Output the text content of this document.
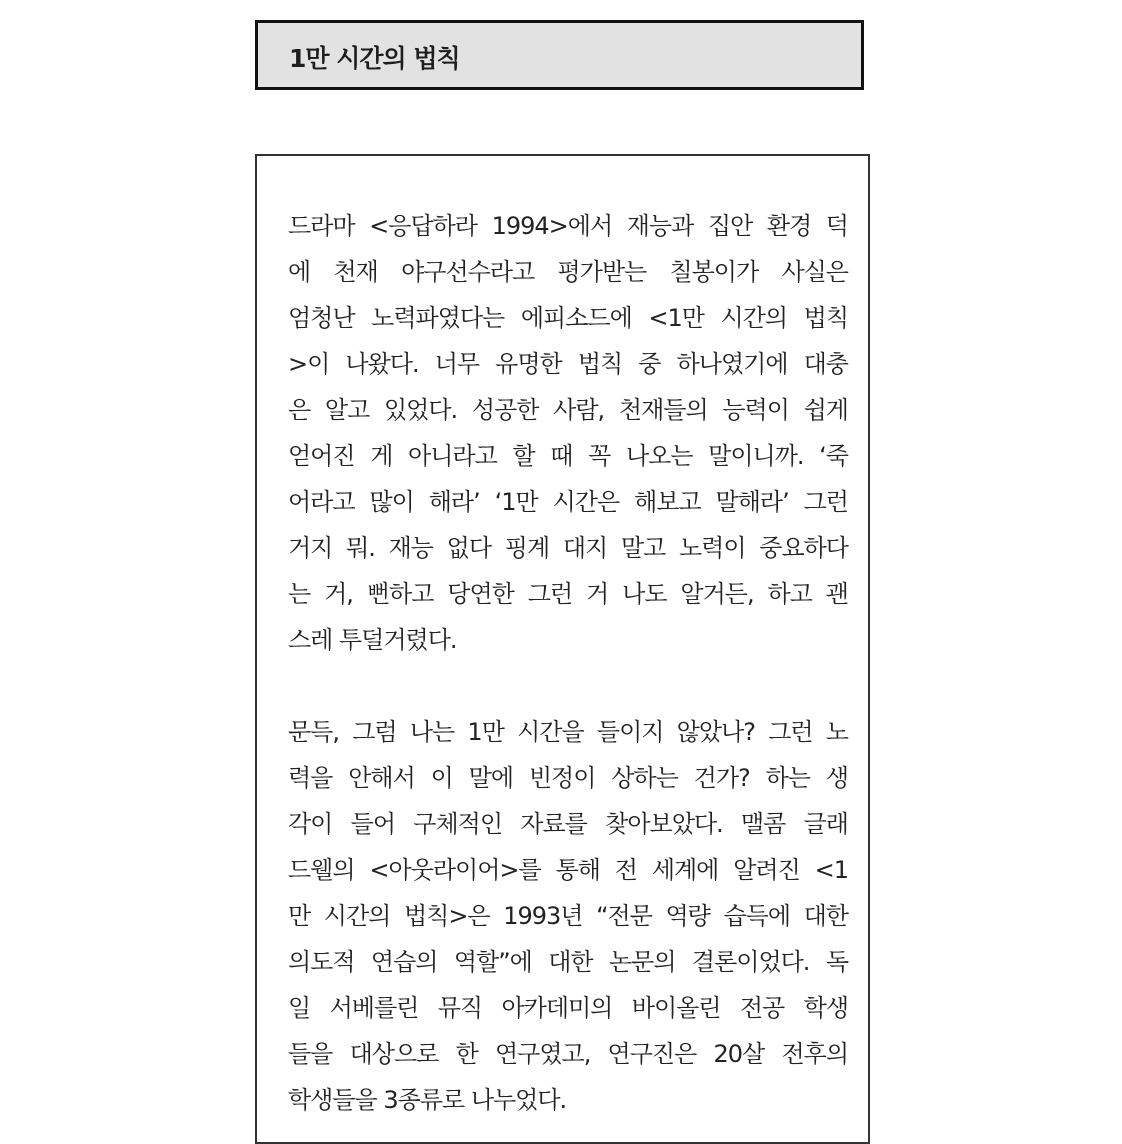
1만 시간의 법칙
드라마 <응답하라 1994>에서 재능과 집안 환경 덕
에 천재 야구선수라고 평가받는 칠봉이가 사실은
엄청난 노력파였다는 에피소드에 <1만 시간의 법칙
>이 나왔다. 너무 유명한 법칙 중 하나였기에 대충
은 알고 있었다. 성공한 사람, 천재들의 능력이 쉽게
얻어진 게 아니라고 할 때 꼭 나오는 말이니까. ‘죽
어라고 많이 해라’ ‘1만 시간은 해보고 말해라’ 그런
거지 뭐. 재능 없다 핑계 대지 말고 노력이 중요하다
는 거, 뻔하고 당연한 그런 거 나도 알거든, 하고 괜
스레 투덜거렸다.
문득, 그럼 나는 1만 시간을 들이지 않았나? 그런 노
력을 안해서 이 말에 빈정이 상하는 건가? 하는 생
각이 들어 구체적인 자료를 찾아보았다. 맬콤 글래
드웰의 <아웃라이어>를 통해 전 세계에 알려진 <1
만 시간의 법칙>은 1993년 “전문 역량 습득에 대한
의도적 연습의 역할”에 대한 논문의 결론이었다. 독
일 서베를린 뮤직 아카데미의 바이올린 전공 학생
들을 대상으로 한 연구였고, 연구진은 20살 전후의
학생들을 3종류로 나누었다.
